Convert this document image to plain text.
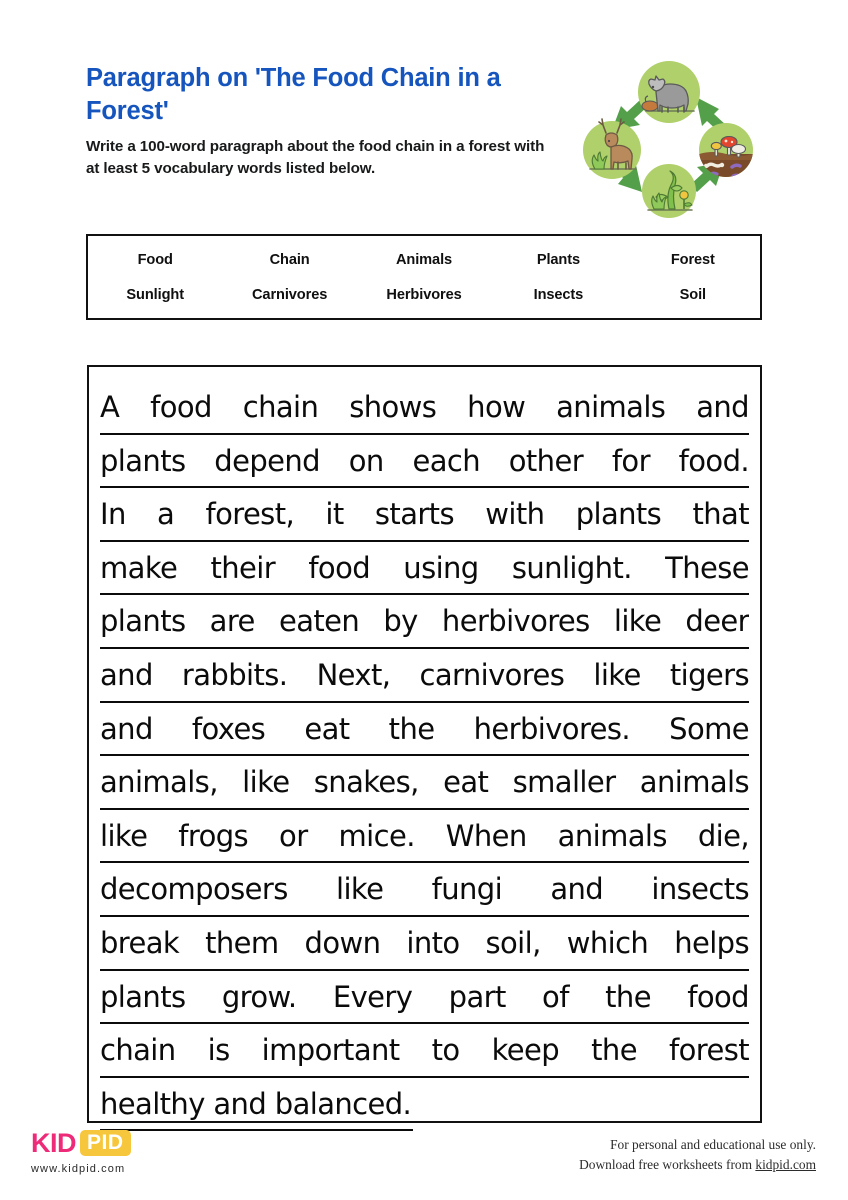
Paragraph on 'The Food Chain in a Forest'

Write a 100-word paragraph about the food chain in a forest with at least 5 vocabulary words listed below.

Food	Chain	Animals	Plants	Forest
Sunlight	Carnivores	Herbivores	Insects	Soil
A food chain shows how animals and
plants depend on each other for food.
In a forest, it starts with plants that
make their food using sunlight. These
plants are eaten by herbivores like deer
and rabbits. Next, carnivores like tigers
and foxes eat the herbivores. Some
animals, like snakes, eat smaller animals
like frogs or mice. When animals die,
decomposers like fungi and insects
break them down into soil, which helps
plants grow. Every part of the food
chain is important to keep the forest
healthy and balanced.
KID PID
www.kidpid.com
For personal and educational use only.
Download free worksheets from kidpid.com
